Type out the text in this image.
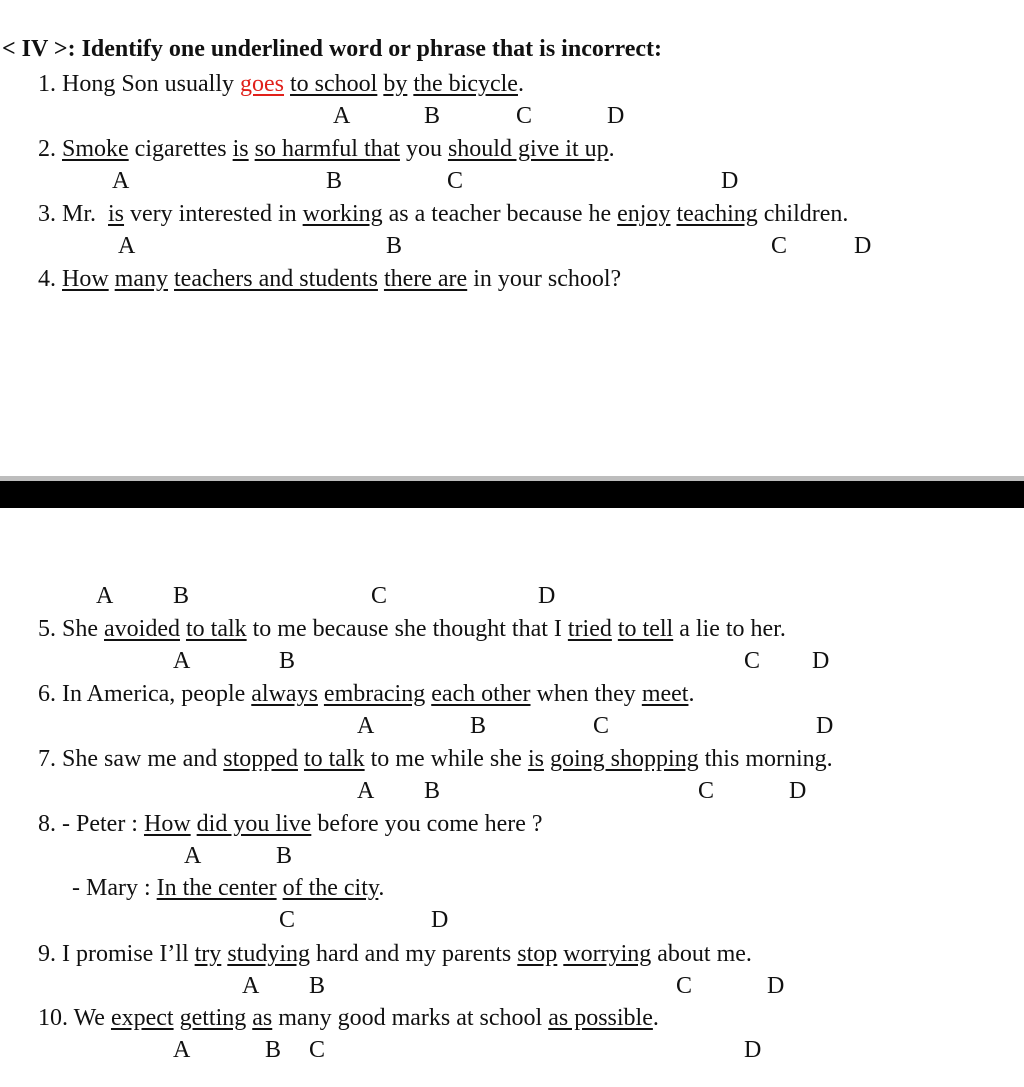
< IV >: Identify one underlined word or phrase that is incorrect:
1. Hong Son usually goes to school by the bicycle.
A	B	C	D
2. Smoke cigarettes is so harmful that you should give it up.
A	B	C	D
3. Mr. is very interested in working as a teacher because he enjoy teaching children.
A	B	C	D
4. How many teachers and students there are in your school?
A B	C	D
5. She avoided to talk to me because she thought that I tried to tell a lie to her.
A	B	C D
6. In America, people always embracing each other when they meet.
A	B	C	D
7. She saw me and stopped to talk to me while she is going shopping this morning.
A B	C	D
8. - Peter : How did you live before you come here ?
A	B
- Mary : In the center of the city.
C	D
9. I promise I’ll try studying hard and my parents stop worrying about me.
A B	C	D
10. We expect getting as many good marks at school as possible.
A	B C	D
